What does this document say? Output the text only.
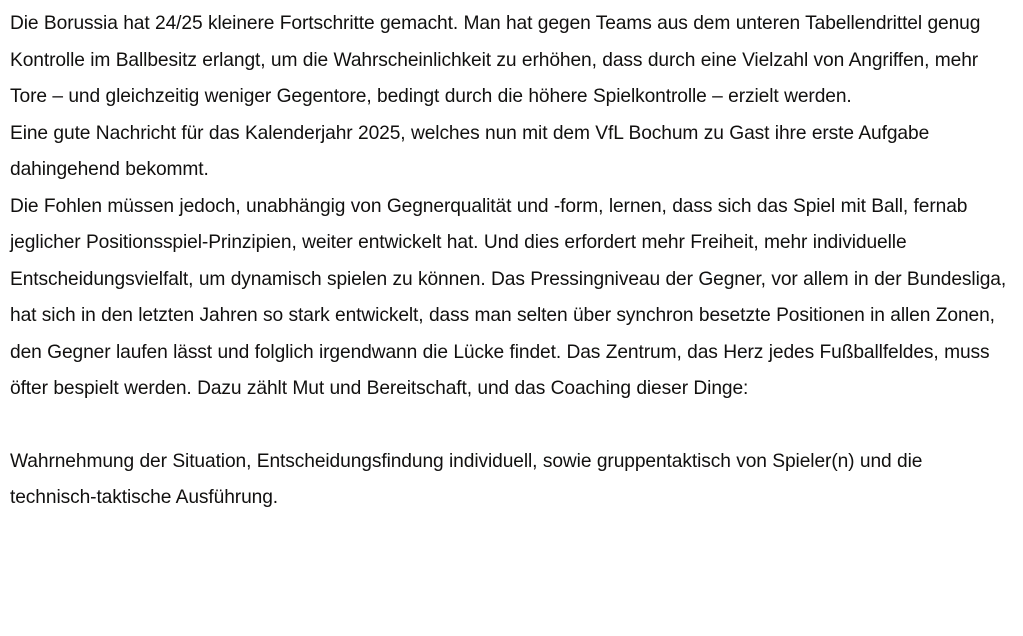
Die Borussia hat 24/25 kleinere Fortschritte gemacht. Man hat gegen Teams aus dem unteren Tabellendrittel genug Kontrolle im Ballbesitz erlangt, um die Wahrscheinlichkeit zu erhöhen, dass durch eine Vielzahl von Angriffen, mehr Tore – und gleichzeitig weniger Gegentore, bedingt durch die höhere Spielkontrolle – erzielt werden.

Eine gute Nachricht für das Kalenderjahr 2025, welches nun mit dem VfL Bochum zu Gast ihre erste Aufgabe dahingehend bekommt.

Die Fohlen müssen jedoch, unabhängig von Gegnerqualität und -form, lernen, dass sich das Spiel mit Ball, fernab jeglicher Positionsspiel-Prinzipien, weiter entwickelt hat. Und dies erfordert mehr Freiheit, mehr individuelle Entscheidungsvielfalt, um dynamisch spielen zu können. Das Pressingniveau der Gegner, vor allem in der Bundesliga, hat sich in den letzten Jahren so stark entwickelt, dass man selten über synchron besetzte Positionen in allen Zonen, den Gegner laufen lässt und folglich irgendwann die Lücke findet. Das Zentrum, das Herz jedes Fußballfeldes, muss öfter bespielt werden. Dazu zählt Mut und Bereitschaft, und das Coaching dieser Dinge:

Wahrnehmung der Situation, Entscheidungsfindung individuell, sowie gruppentaktisch von Spieler(n) und die technisch-taktische Ausführung.
